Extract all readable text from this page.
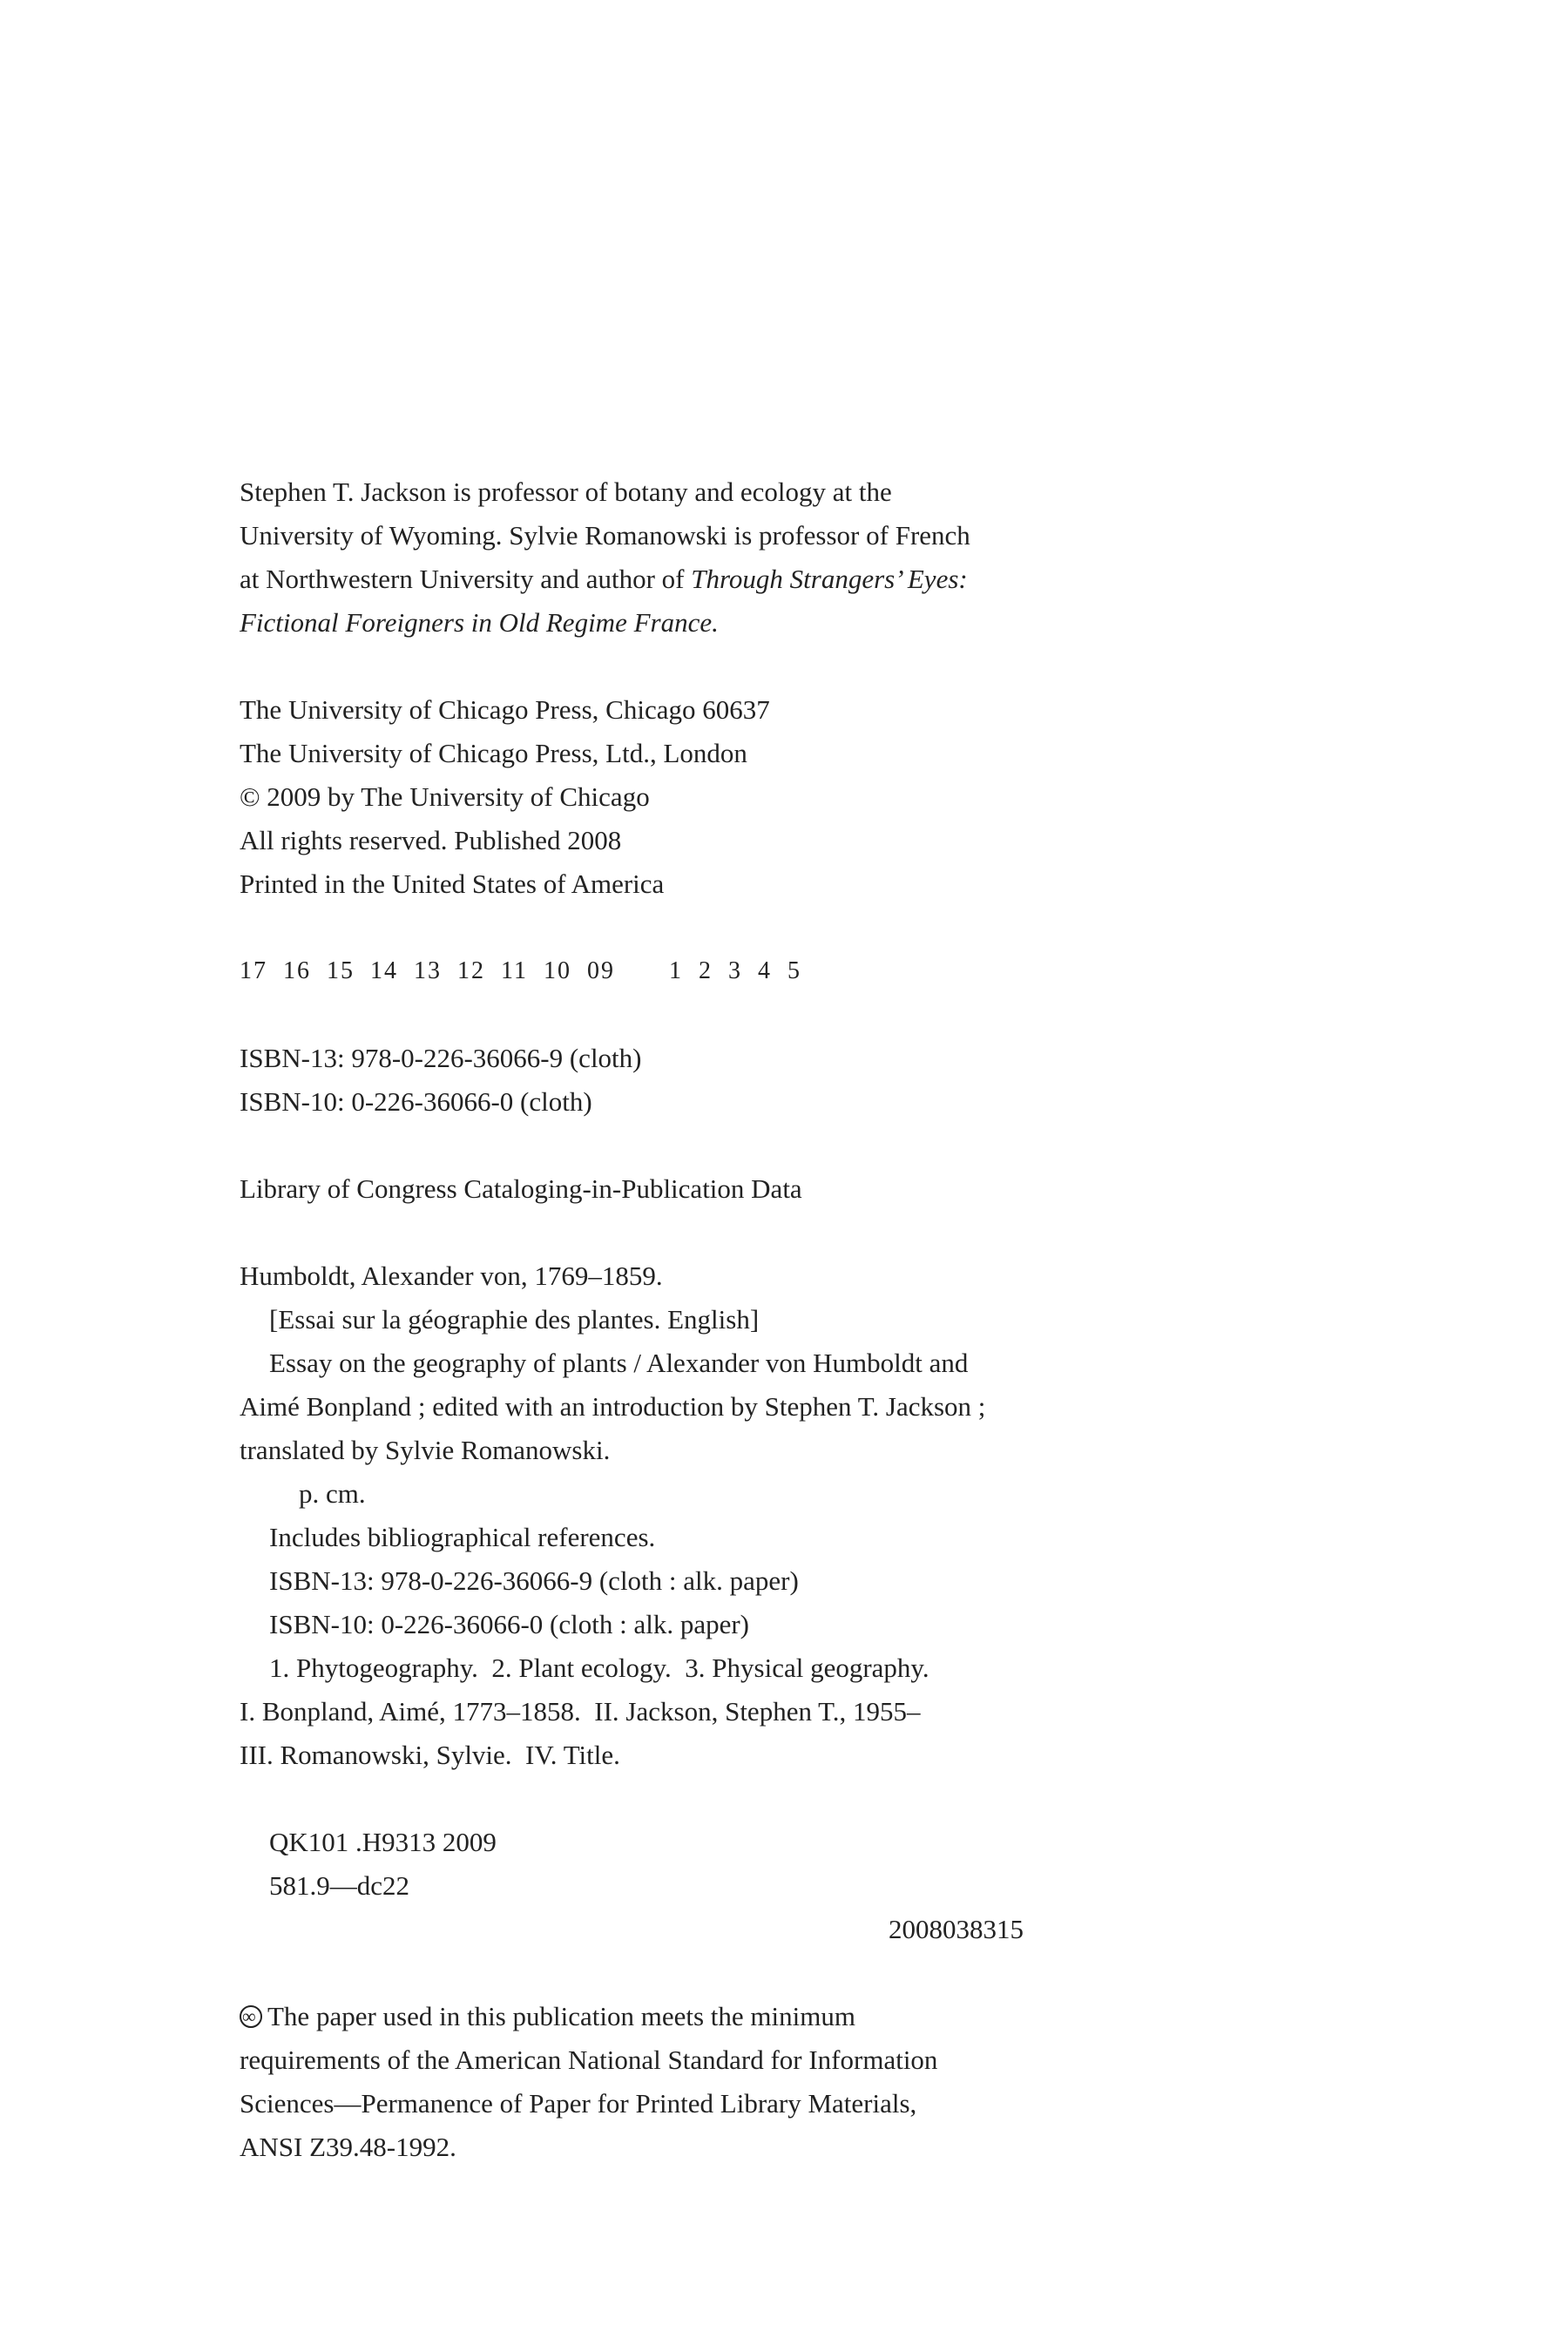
Stephen T. Jackson is professor of botany and ecology at the
University of Wyoming. Sylvie Romanowski is professor of French
at Northwestern University and author of Through Strangers’ Eyes:
Fictional Foreigners in Old Regime France.
The University of Chicago Press, Chicago 60637
The University of Chicago Press, Ltd., London
© 2009 by The University of Chicago
All rights reserved. Published 2008
Printed in the United States of America
17  16  15  14  13  12  11  10  09 1  2  3  4  5
ISBN-13: 978-0-226-36066-9 (cloth)
ISBN-10: 0-226-36066-0 (cloth)
Library of Congress Cataloging-in-Publication Data
Humboldt, Alexander von, 1769–1859.
[Essai sur la géographie des plantes. English]
Essay on the geography of plants / Alexander von Humboldt and
Aimé Bonpland ; edited with an introduction by Stephen T. Jackson ;
translated by Sylvie Romanowski.
p. cm.
Includes bibliographical references.
ISBN-13: 978-0-226-36066-9 (cloth : alk. paper)
ISBN-10: 0-226-36066-0 (cloth : alk. paper)
1. Phytogeography.  2. Plant ecology.  3. Physical geography.
I. Bonpland, Aimé, 1773–1858.  II. Jackson, Stephen T., 1955–
III. Romanowski, Sylvie.  IV. Title.
QK101 .H9313 2009
581.9—dc22
2008038315
∞The paper used in this publication meets the minimum
requirements of the American National Standard for Information
Sciences—Permanence of Paper for Printed Library Materials,
ANSI Z39.48-1992.
